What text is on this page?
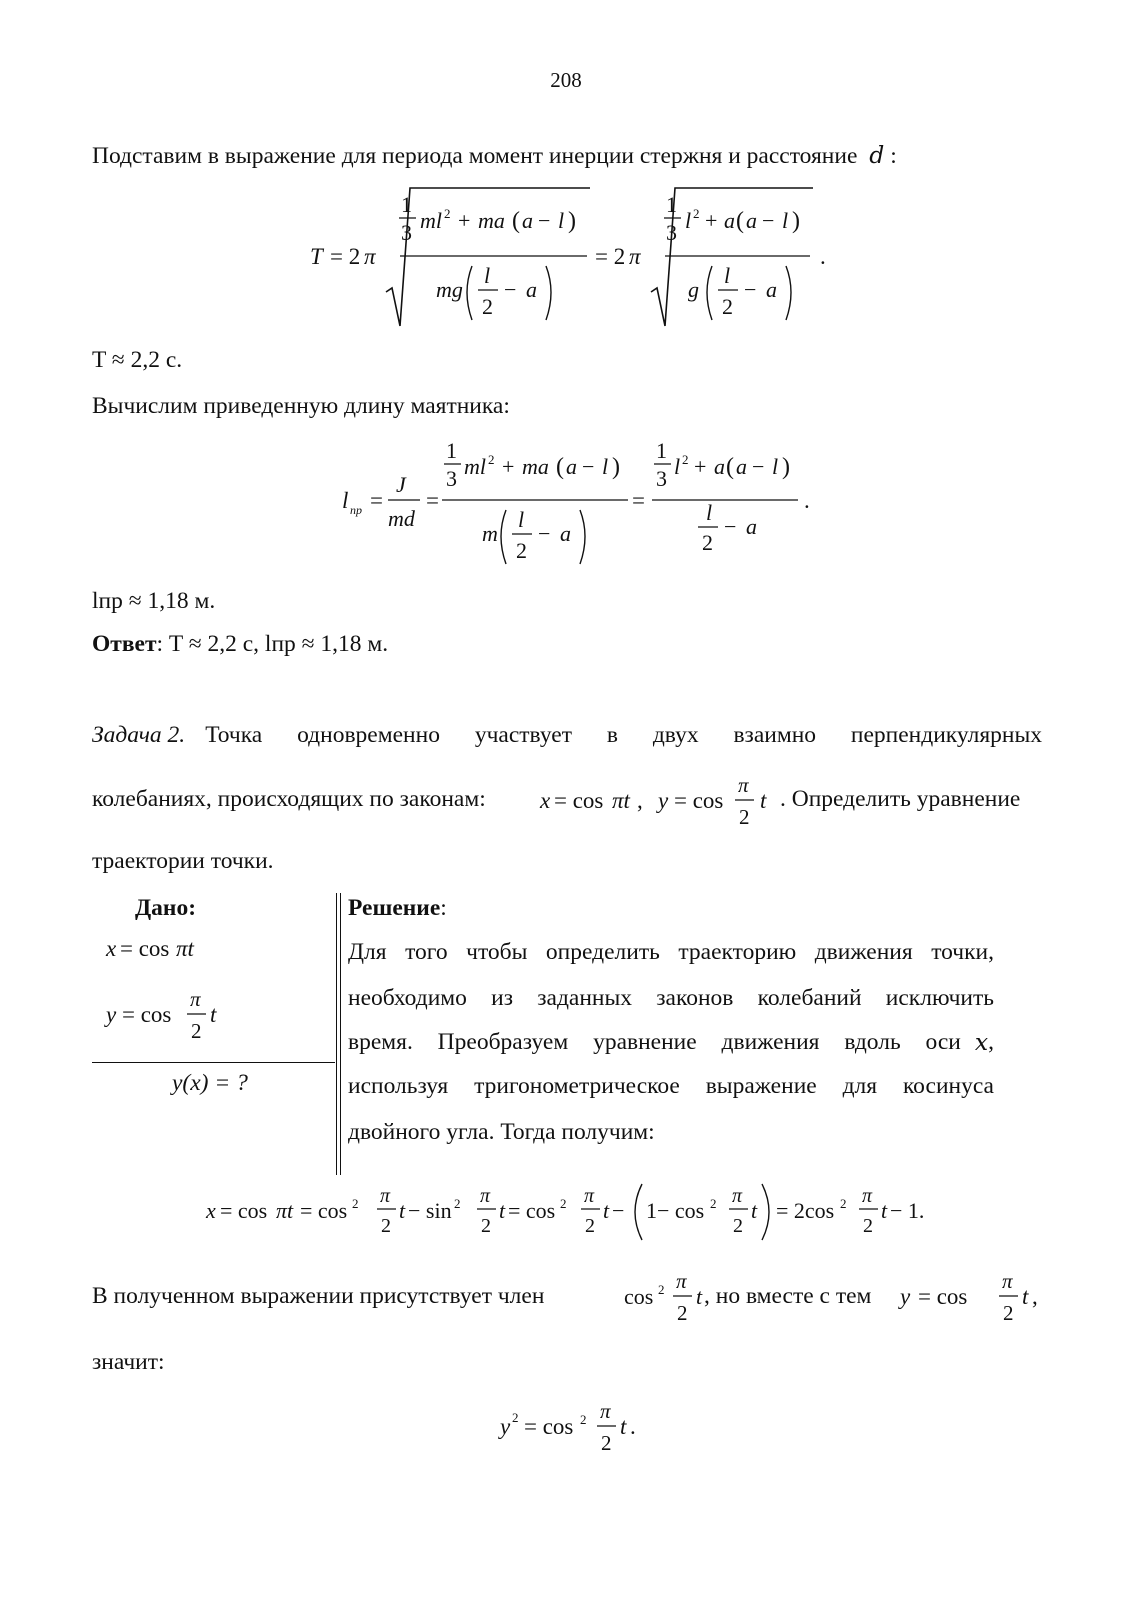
208
Подставим в выражение для периода момент инерции стержня и расстояние d :
T = 2 π
1
3 ml 2 + ma ( a − l )
mg
l
2
− a
= 2 π
1
3 l 2 + a ( a − l )
g
l
2
− a
.
T ≈ 2,2 с.
Вычислим приведенную длину маятника:
l пр =
J
md
=
1
3 ml 2 + ma ( a − l )
m
l
2
− a
=
1
3 l 2 + a ( a − l )
l
2
− a
.
lпр ≈ 1,18 м.
Ответ: T ≈ 2,2 с, lпр ≈ 1,18 м.
Задача 2. Точка одновременно участвует в двух взаимно перпендикулярных
колебаниях, происходящих по законам: x = cos πt , y = cos
π
2
t . Определить уравнение
траектории точки.
Дано:
x = cos πt
y = cos
π
2
t
y(x) = ?
Решение:
Для того чтобы определить траекторию движения точки,
необходимо из заданных законов колебаний исключить
время. Преобразуем уравнение движения вдоль оси x ,
используя тригонометрическое выражение для косинуса
двойного угла. Тогда получим:
x = cos πt = cos 2 π
2
t − sin 2 π
2
t = cos 2 π
2
t − 1− cos 2 π
2
t = 2cos 2 π
2
t − 1.
В полученном выражении присутствует член	cos 2 π
2
t , но вместе с тем y = cos
π
2
t ,
значит:
y 2 = cos 2 π
2
t .
